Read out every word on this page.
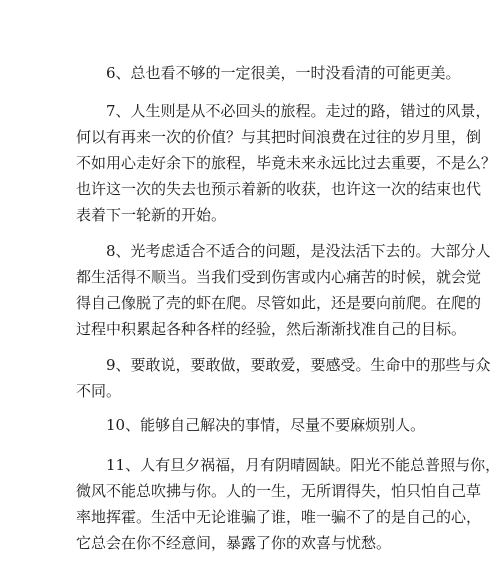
6、总也看不够的一定很美，一时没看清的可能更美。

7、人生则是从不必回头的旅程。走过的路，错过的风景，
何以有再来一次的价值？与其把时间浪费在过往的岁月里，倒
不如用心走好余下的旅程，毕竟未来永远比过去重要，不是么？
也许这一次的失去也预示着新的收获，也许这一次的结束也代
表着下一轮新的开始。

8、光考虑适合不适合的问题，是没法活下去的。大部分人
都生活得不顺当。当我们受到伤害或内心痛苦的时候，就会觉
得自己像脱了壳的虾在爬。尽管如此，还是要向前爬。在爬的
过程中积累起各种各样的经验，然后渐渐找准自己的目标。

9、要敢说，要敢做，要敢爱，要感受。生命中的那些与众
不同。

10、能够自己解决的事情，尽量不要麻烦别人。

11、人有旦夕祸福，月有阴晴圆缺。阳光不能总普照与你，
微风不能总吹拂与你。人的一生，无所谓得失，怕只怕自己草
率地挥霍。生活中无论谁骗了谁，唯一骗不了的是自己的心，
它总会在你不经意间，暴露了你的欢喜与忧愁。
